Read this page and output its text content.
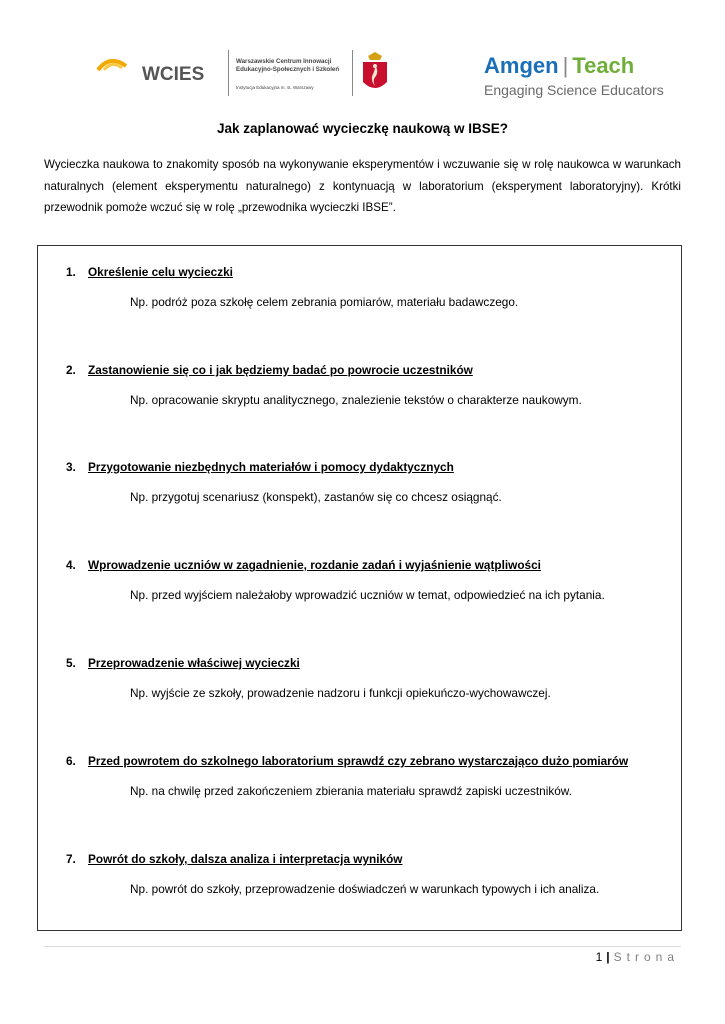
WCIES
Warszawskie Centrum Innowacji
Edukacyjno-Społecznych i Szkoleń
Instytucja Edukacyjna m. st. Warszawy
Amgen | Teach
Engaging Science Educators
Jak zaplanować wycieczkę naukową w IBSE?
Wycieczka naukowa to znakomity sposób na wykonywanie eksperymentów i wczuwanie się w rolę naukowca w warunkach naturalnych (element eksperymentu naturalnego) z kontynuacją w laboratorium (eksperyment laboratoryjny). Krótki przewodnik pomoże wczuć się w rolę „przewodnika wycieczki IBSE”.
1. Określenie celu wycieczki
Np. podróż poza szkołę celem zebrania pomiarów, materiału badawczego.
2. Zastanowienie się co i jak będziemy badać po powrocie uczestników
Np. opracowanie skryptu analitycznego, znalezienie tekstów o charakterze naukowym.
3. Przygotowanie niezbędnych materiałów i pomocy dydaktycznych
Np. przygotuj scenariusz (konspekt), zastanów się co chcesz osiągnąć.
4. Wprowadzenie uczniów w zagadnienie, rozdanie zadań i wyjaśnienie wątpliwości
Np. przed wyjściem należałoby wprowadzić uczniów w temat, odpowiedzieć na ich pytania.
5. Przeprowadzenie właściwej wycieczki
Np. wyjście ze szkoły, prowadzenie nadzoru i funkcji opiekuńczo-wychowawczej.
6. Przed powrotem do szkolnego laboratorium sprawdź czy zebrano wystarczająco dużo pomiarów
Np. na chwilę przed zakończeniem zbierania materiału sprawdź zapiski uczestników.
7. Powrót do szkoły, dalsza analiza i interpretacja wyników
Np. powrót do szkoły, przeprowadzenie doświadczeń w warunkach typowych i ich analiza.
1 | Strona
